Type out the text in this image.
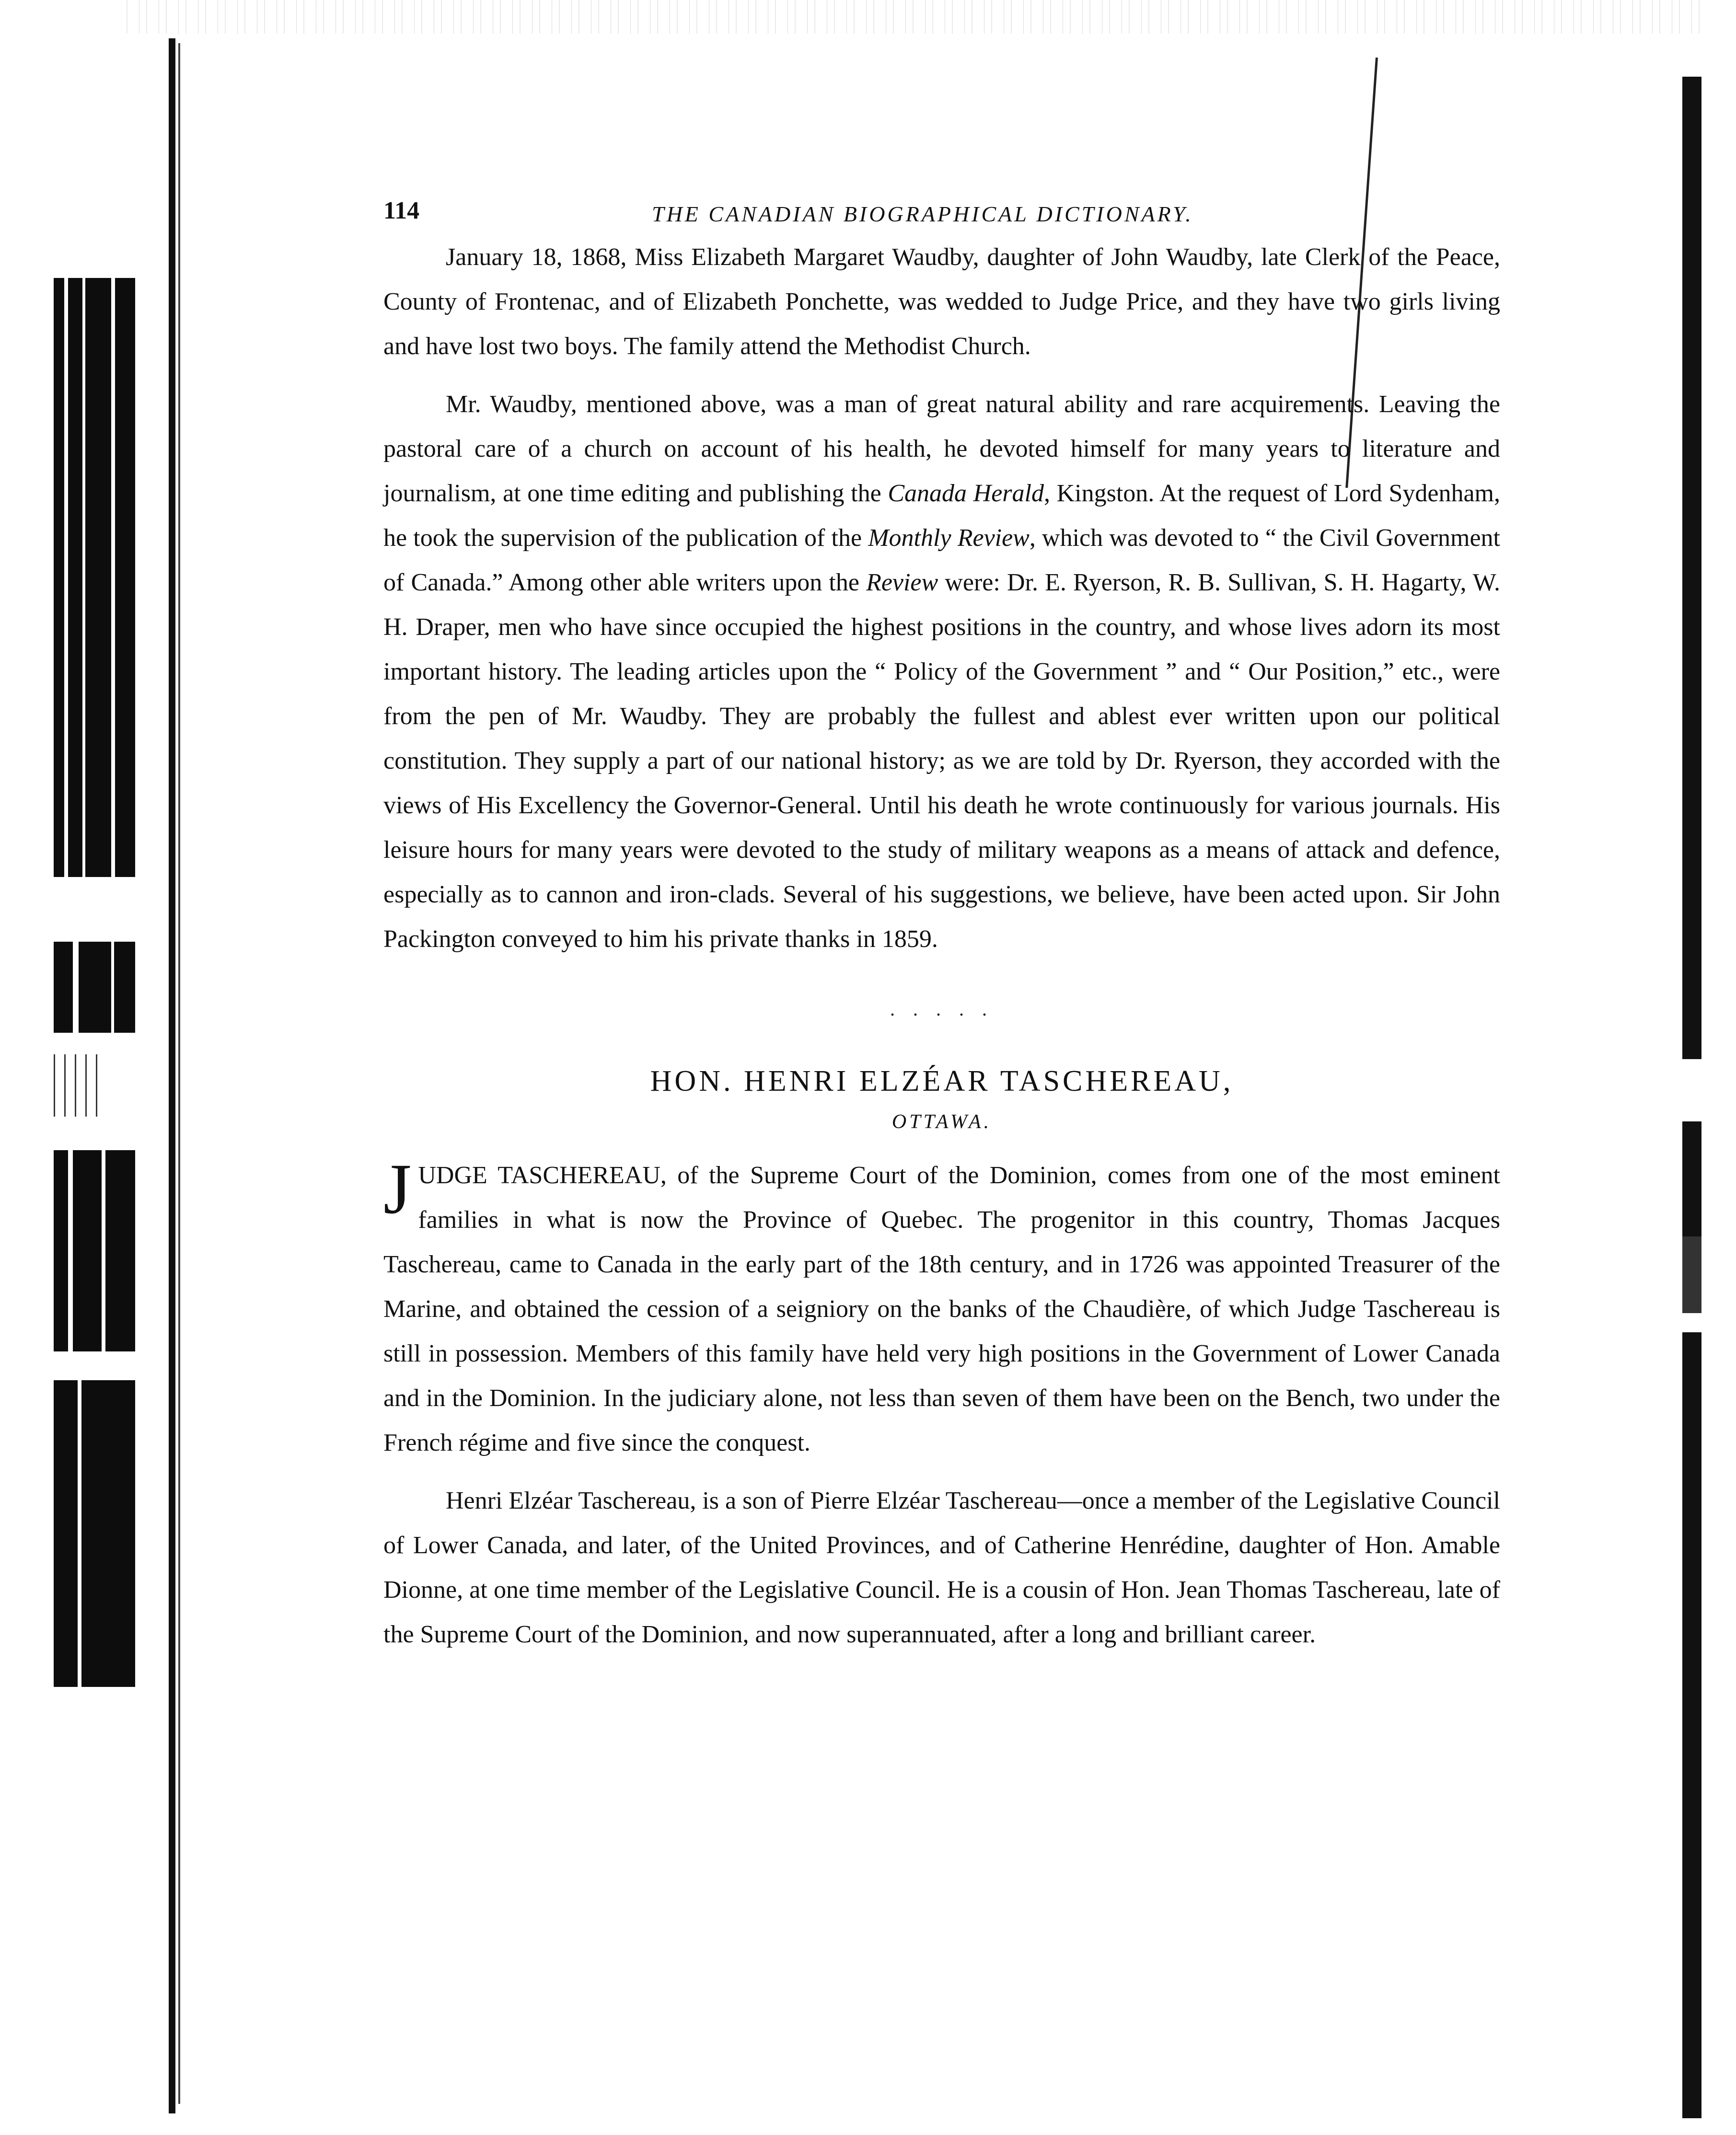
114	THE CANADIAN BIOGRAPHICAL DICTIONARY.

January 18, 1868, Miss Elizabeth Margaret Waudby, daughter of John Waudby, late Clerk of the Peace, County of Frontenac, and of Elizabeth Ponchette, was wedded to Judge Price, and they have two girls living and have lost two boys. The family attend the Methodist Church.

Mr. Waudby, mentioned above, was a man of great natural ability and rare acquirements. Leaving the pastoral care of a church on account of his health, he devoted himself for many years to literature and journalism, at one time editing and publishing the Canada Herald, Kingston. At the request of Lord Sydenham, he took the supervision of the publication of the Monthly Review, which was devoted to “ the Civil Government of Canada.” Among other able writers upon the Review were: Dr. E. Ryerson, R. B. Sullivan, S. H. Hagarty, W. H. Draper, men who have since occupied the highest positions in the country, and whose lives adorn its most important history. The leading articles upon the “ Policy of the Government ” and “ Our Position,” etc., were from the pen of Mr. Waudby. They are probably the fullest and ablest ever written upon our political constitution. They supply a part of our national history; as we are told by Dr. Ryerson, they accorded with the views of His Excellency the Governor-General. Until his death he wrote continuously for various journals. His leisure hours for many years were devoted to the study of military weapons as a means of attack and defence, especially as to cannon and iron-clads. Several of his suggestions, we believe, have been acted upon. Sir John Packington conveyed to him his private thanks in 1859.

. . . . .
HON. HENRI ELZÉAR TASCHEREAU,
OTTAWA.

JUDGE TASCHEREAU, of the Supreme Court of the Dominion, comes from one of the most eminent families in what is now the Province of Quebec. The progenitor in this country, Thomas Jacques Taschereau, came to Canada in the early part of the 18th century, and in 1726 was appointed Treasurer of the Marine, and obtained the cession of a seigniory on the banks of the Chaudière, of which Judge Taschereau is still in possession. Members of this family have held very high positions in the Government of Lower Canada and in the Dominion. In the judiciary alone, not less than seven of them have been on the Bench, two under the French régime and five since the conquest.

Henri Elzéar Taschereau, is a son of Pierre Elzéar Taschereau—once a member of the Legislative Council of Lower Canada, and later, of the United Provinces, and of Catherine Henrédine, daughter of Hon. Amable Dionne, at one time member of the Legislative Council. He is a cousin of Hon. Jean Thomas Taschereau, late of the Supreme Court of the Dominion, and now superannuated, after a long and brilliant career.
